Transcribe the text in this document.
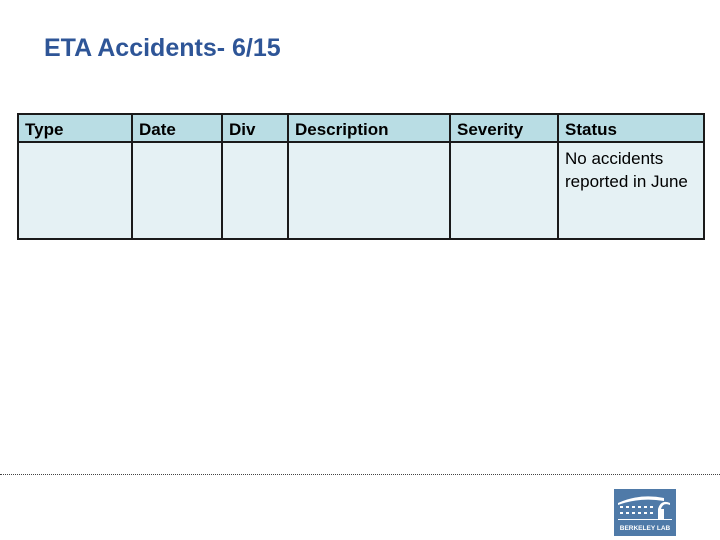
ETA Accidents- 6/15
Type	Date	Div	Description	Severity	Status
					No accidents reported in June
BERKELEY LAB
